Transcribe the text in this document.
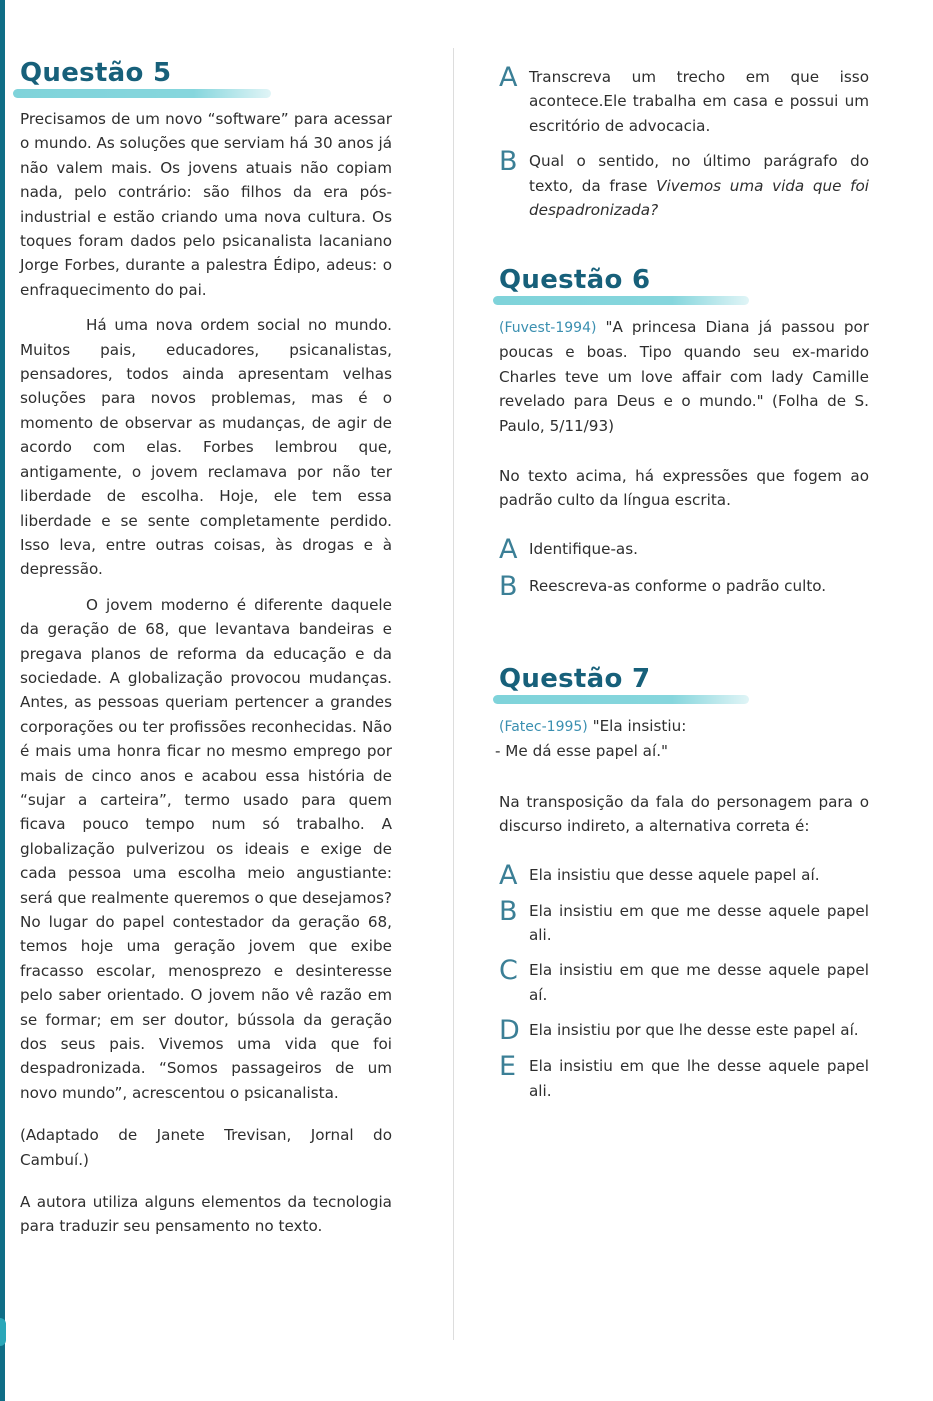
Questão 5

Precisamos de um novo “software” para acessar o mundo. As soluções que serviam há 30 anos já não valem mais. Os jovens atuais não copiam nada, pelo contrário: são filhos da era pós-industrial e estão criando uma nova cultura. Os toques foram dados pelo psicanalista lacaniano Jorge Forbes, durante a palestra Édipo, adeus: o enfraquecimento do pai.

Há uma nova ordem social no mundo. Muitos pais, educadores, psicanalistas, pensadores, todos ainda apresentam velhas soluções para novos problemas, mas é o momento de observar as mudanças, de agir de acordo com elas. Forbes lembrou que, antigamente, o jovem reclamava por não ter liberdade de escolha. Hoje, ele tem essa liberdade e se sente completamente perdido. Isso leva, entre outras coisas, às drogas e à depressão.

O jovem moderno é diferente daquele da geração de 68, que levantava bandeiras e pregava planos de reforma da educação e da sociedade. A globalização provocou mudanças. Antes, as pessoas queriam pertencer a grandes corporações ou ter profissões reconhecidas. Não é mais uma honra ficar no mesmo emprego por mais de cinco anos e acabou essa história de “sujar a carteira”, termo usado para quem ficava pouco tempo num só trabalho. A globalização pulverizou os ideais e exige de cada pessoa uma escolha meio angustiante: será que realmente queremos o que desejamos? No lugar do papel contestador da geração 68, temos hoje uma geração jovem que exibe fracasso escolar, menosprezo e desinteresse pelo saber orientado. O jovem não vê razão em se formar; em ser doutor, bússola da geração dos seus pais. Vivemos uma vida que foi despadronizada. “Somos passageiros de um novo mundo”, acrescentou o psicanalista.

(Adaptado de Janete Trevisan, Jornal do Cambuí.)

A autora utiliza alguns elementos da tecnologia para traduzir seu pensamento no texto.

A Transcreva um trecho em que isso acontece.Ele trabalha em casa e possui um escritório de advocacia.
B Qual o sentido, no último parágrafo do texto, da frase Vivemos uma vida que foi despadronizada?
Questão 6

(Fuvest-1994) "A princesa Diana já passou por poucas e boas. Tipo quando seu ex-marido Charles teve um love affair com lady Camille revelado para Deus e o mundo." (Folha de S. Paulo, 5/11/93)

No texto acima, há expressões que fogem ao padrão culto da língua escrita.

A Identifique-as.
B Reescreva-as conforme o padrão culto.
Questão 7

(Fatec-1995) "Ela insistiu:

- Me dá esse papel aí."

Na transposição da fala do personagem para o discurso indireto, a alternativa correta é:

A Ela insistiu que desse aquele papel aí.
B Ela insistiu em que me desse aquele papel ali.
C Ela insistiu em que me desse aquele papel aí.
D Ela insistiu por que lhe desse este papel aí.
E Ela insistiu em que lhe desse aquele papel ali.
